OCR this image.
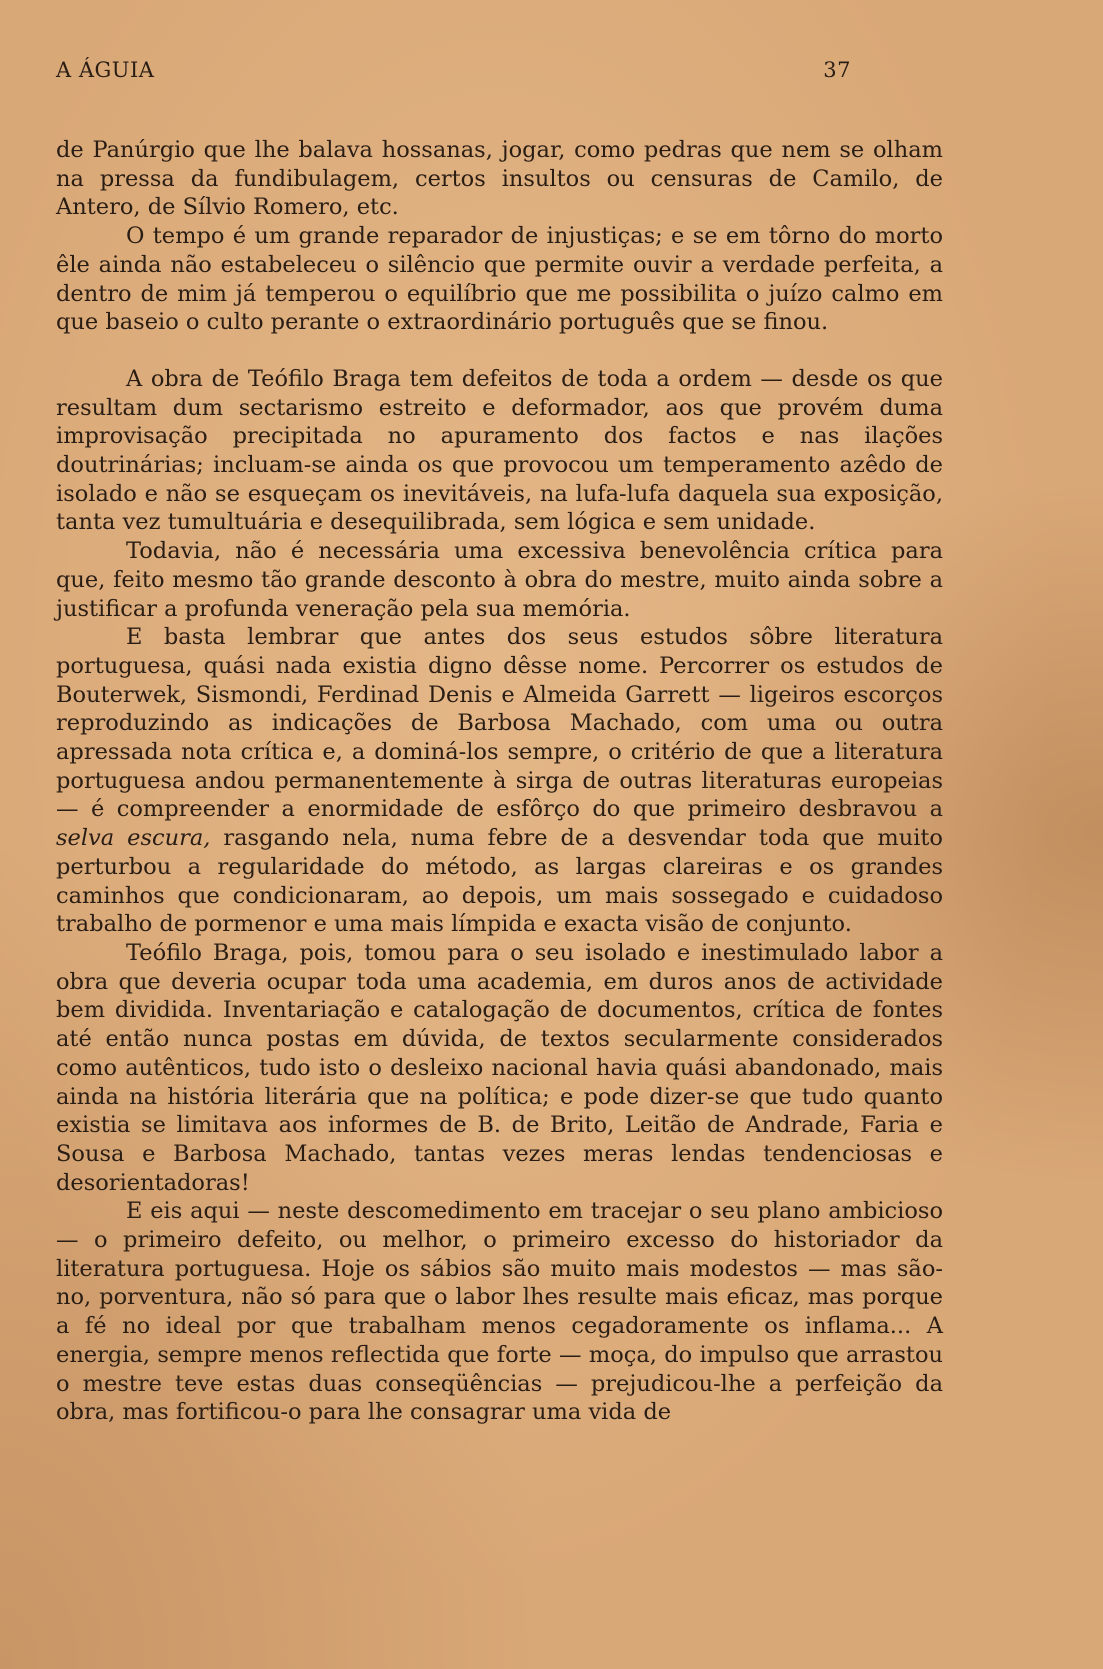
A ÁGUIA	37

de Panúrgio que lhe balava hossanas, jogar, como pedras que nem se olham na pressa da fundibulagem, certos insultos ou censuras de Camilo, de Antero, de Sílvio Romero, etc.

O tempo é um grande reparador de injustiças; e se em tôrno do morto êle ainda não estabeleceu o silêncio que permite ouvir a verdade perfeita, a dentro de mim já temperou o equilíbrio que me possibilita o juízo calmo em que baseio o culto perante o extraordinário português que se finou.

A obra de Teófilo Braga tem defeitos de toda a ordem — desde os que resultam dum sectarismo estreito e deformador, aos que provém duma improvisação precipitada no apuramento dos factos e nas ilações doutrinárias; incluam-se ainda os que provocou um temperamento azêdo de isolado e não se esqueçam os inevitáveis, na lufa-lufa daquela sua exposição, tanta vez tumultuária e desequilibrada, sem lógica e sem unidade.

Todavia, não é necessária uma excessiva benevolência crítica para que, feito mesmo tão grande desconto à obra do mestre, muito ainda sobre a justificar a profunda veneração pela sua memória.

E basta lembrar que antes dos seus estudos sôbre literatura portuguesa, quási nada existia digno dêsse nome. Percorrer os estudos de Bouterwek, Sismondi, Ferdinad Denis e Almeida Garrett — ligeiros escorços reproduzindo as indicações de Barbosa Machado, com uma ou outra apressada nota crítica e, a dominá-los sempre, o critério de que a literatura portuguesa andou permanentemente à sirga de outras literaturas europeias — é compreender a enormidade de esfôrço do que primeiro desbravou a selva escura, rasgando nela, numa febre de a desvendar toda que muito perturbou a regularidade do método, as largas clareiras e os grandes caminhos que condicionaram, ao depois, um mais sossegado e cuidadoso trabalho de pormenor e uma mais límpida e exacta visão de conjunto.

Teófilo Braga, pois, tomou para o seu isolado e inestimulado labor a obra que deveria ocupar toda uma academia, em duros anos de actividade bem dividida. Inventariação e catalogação de documentos, crítica de fontes até então nunca postas em dúvida, de textos secularmente considerados como autênticos, tudo isto o desleixo nacional havia quási abandonado, mais ainda na história literária que na política; e pode dizer-se que tudo quanto existia se limitava aos informes de B. de Brito, Leitão de Andrade, Faria e Sousa e Barbosa Machado, tantas vezes meras lendas tendenciosas e desorientadoras!

E eis aqui — neste descomedimento em tracejar o seu plano ambicioso — o primeiro defeito, ou melhor, o primeiro excesso do historiador da literatura portuguesa. Hoje os sábios são muito mais modestos — mas são-no, porventura, não só para que o labor lhes resulte mais eficaz, mas porque a fé no ideal por que trabalham menos cegadoramente os inflama... A energia, sempre menos reflectida que forte — moça, do impulso que arrastou o mestre teve estas duas conseqüências — prejudicou-lhe a perfeição da obra, mas fortificou-o para lhe consagrar uma vida de
